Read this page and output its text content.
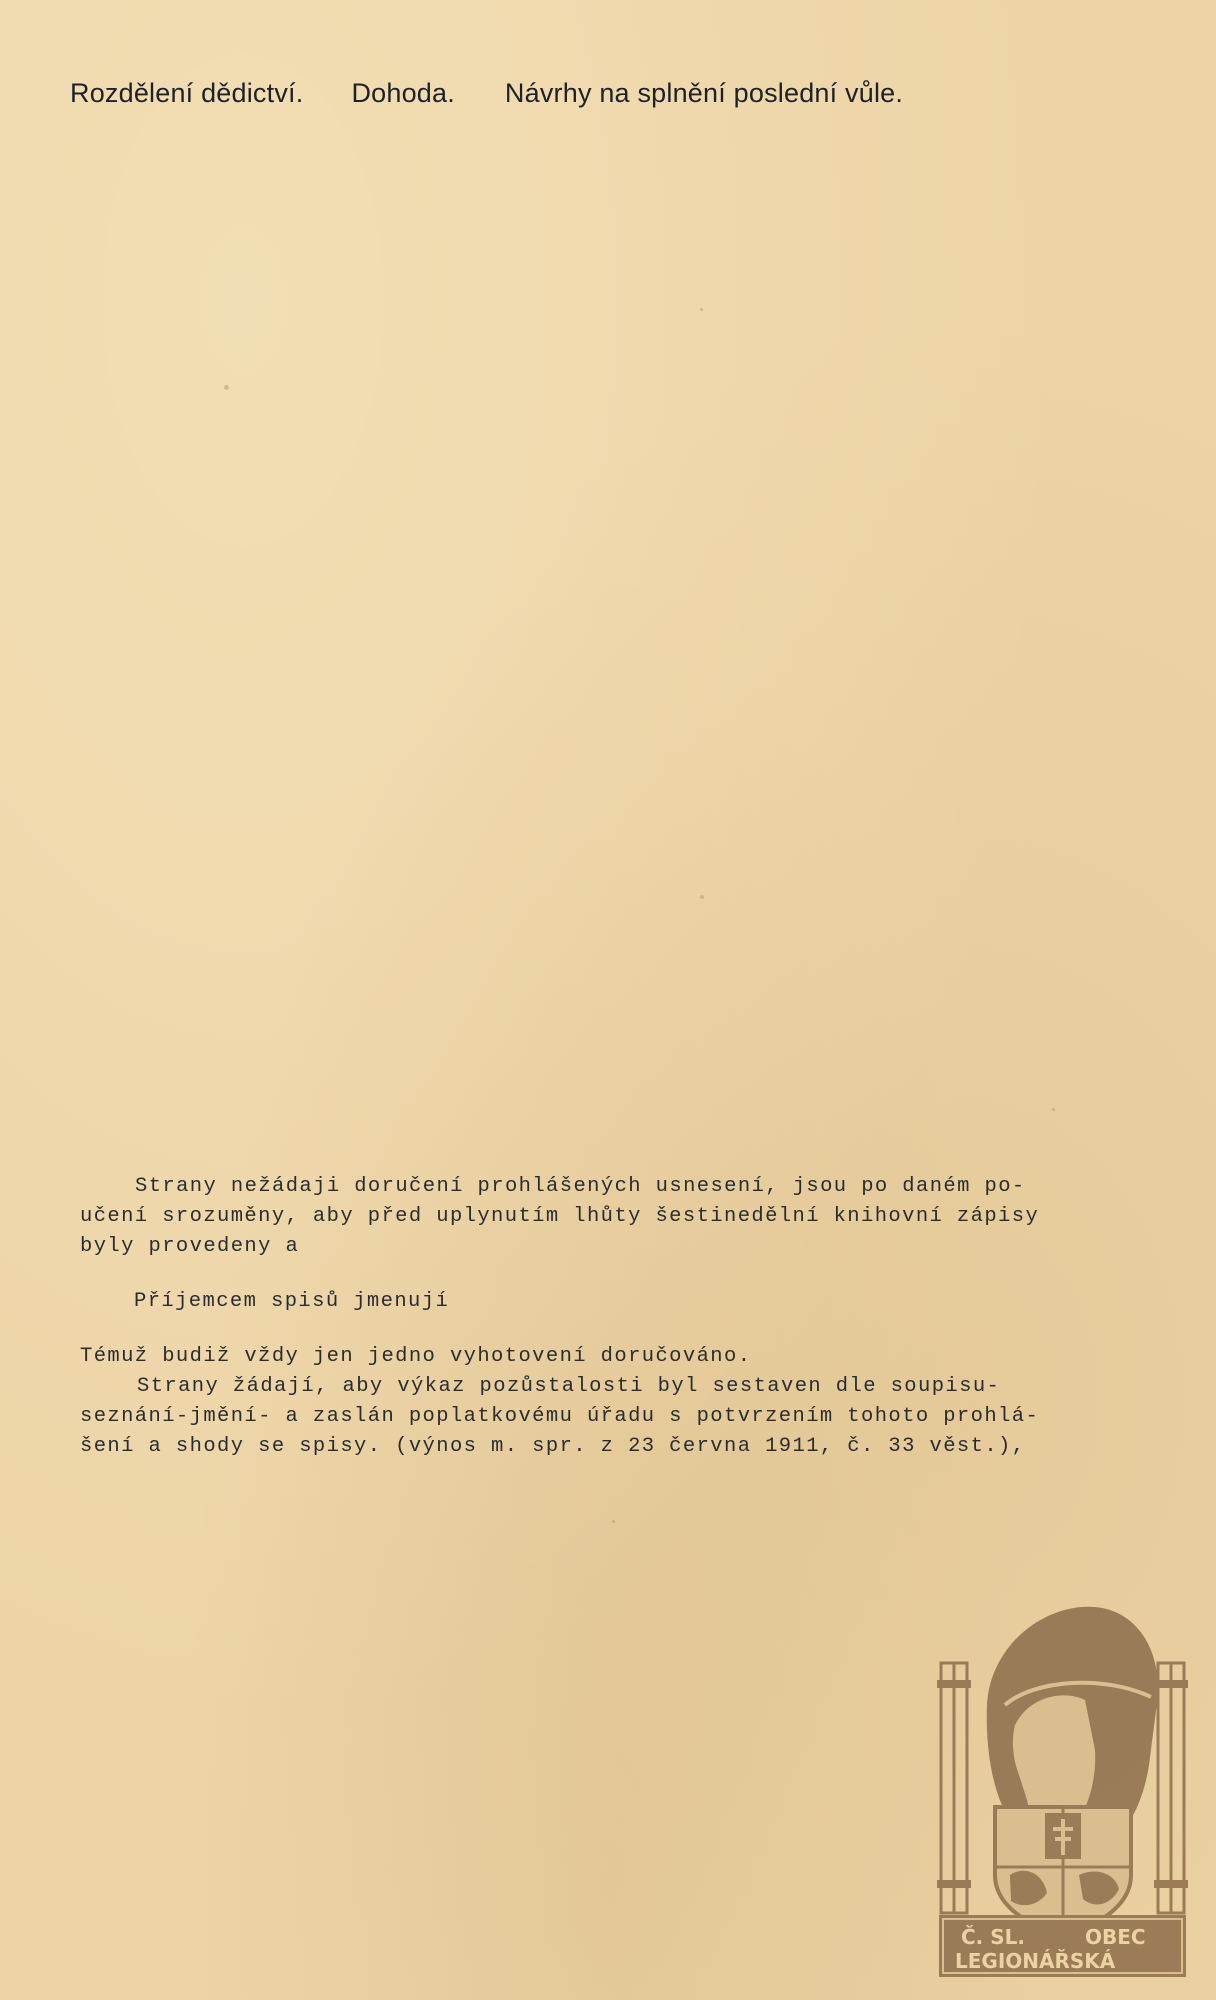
Rozdělení dědictví. Dohoda. Návrhy na splnění poslední vůle.
Strany nežádaji doručení prohlášených usnesení, jsou po daném po-
učení srozuměny, aby před uplynutím lhůty šestinedělní knihovní zápisy
byly provedeny a
Příjemcem spisů jmenují
Témuž budiž vždy jen jedno vyhotovení doručováno.
Strany žádají, aby výkaz pozůstalosti byl sestaven dle soupisu-
seznání-jmění- a zaslán poplatkovému úřadu s potvrzením tohoto prohlá-
šení a shody se spisy. (výnos m. spr. z 23 června 1911, č. 33 věst.),
Č. SL.	OBEC
LEGIONÁŘSKÁ
